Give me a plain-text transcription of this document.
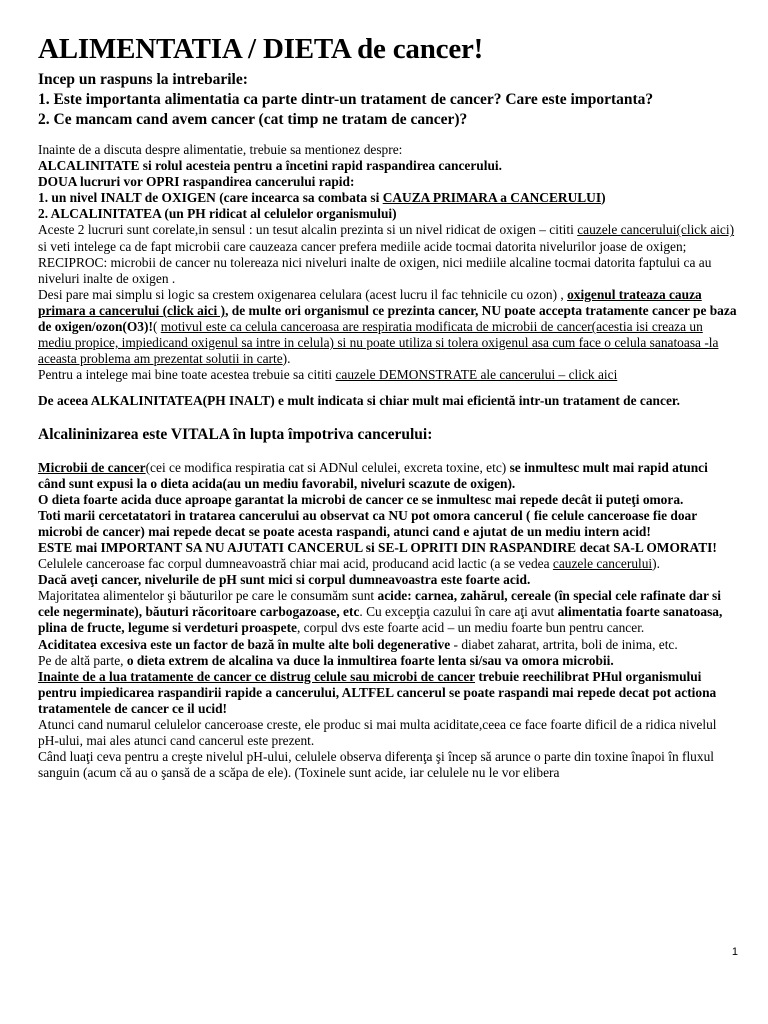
ALIMENTATIA / DIETA de cancer!

Incep un raspuns la intrebarile:

1. Este importanta alimentatia ca parte dintr-un tratament de cancer? Care este importanta?

2. Ce mancam cand avem cancer (cat timp ne tratam de cancer)?

Inainte de a discuta despre alimentatie, trebuie sa mentionez despre:

ALCALINITATE si rolul acesteia pentru a încetini rapid raspandirea cancerului.

DOUA lucruri vor OPRI raspandirea cancerului rapid:

1. un nivel INALT de OXIGEN (care incearca sa combata si CAUZA PRIMARA a CANCERULUI)

2. ALCALINITATEA (un PH ridicat al celulelor organismului)

Aceste 2 lucruri sunt corelate,in sensul : un tesut alcalin prezinta si un nivel ridicat de oxigen – cititi cauzele cancerului(click aici) si veti intelege ca de fapt microbii care cauzeaza cancer prefera mediile acide tocmai datorita nivelurilor joase de oxigen; RECIPROC: microbii de cancer nu tolereaza nici niveluri inalte de oxigen, nici mediile alcaline tocmai datorita faptului ca au niveluri inalte de oxigen .

Desi pare mai simplu si logic sa crestem oxigenarea celulara (acest lucru il fac tehnicile cu ozon) , oxigenul trateaza cauza primara a cancerului (click aici ), de multe ori organismul ce prezinta cancer, NU poate accepta tratamente cancer pe baza de oxigen/ozon(O3)!( motivul este ca celula canceroasa are respiratia modificata de microbii de cancer(acestia isi creaza un mediu propice, impiedicand oxigenul sa intre in celula) si nu poate utiliza si tolera oxigenul asa cum face o celula sanatoasa -la aceasta problema am prezentat solutii in carte).

Pentru a intelege mai bine toate acestea trebuie sa cititi cauzele DEMONSTRATE ale cancerului – click aici

De aceea ALKALINITATEA(PH INALT) e mult indicata si chiar mult mai eficientă intr-un tratament de cancer.

Alcalininizarea este VITALA în lupta împotriva cancerului:

Microbii de cancer(cei ce modifica respiratia cat si ADNul celulei, excreta toxine, etc) se inmultesc mult mai rapid atunci când sunt expusi la o dieta acida(au un mediu favorabil, niveluri scazute de oxigen).

O dieta foarte acida duce aproape garantat la microbi de cancer ce se inmultesc mai repede decât ii puteţi omora.

Toti marii cercetatatori in tratarea cancerului au observat ca NU pot omora cancerul ( fie celule canceroase fie doar microbi de cancer) mai repede decat se poate acesta raspandi, atunci cand e ajutat de un mediu intern acid!

ESTE mai IMPORTANT SA NU AJUTATI CANCERUL si SE-L OPRITI DIN RASPANDIRE decat SA-L OMORATI!

Celulele canceroase fac corpul dumneavoastră chiar mai acid, producand acid lactic (a se vedea cauzele cancerului).

Dacă aveţi cancer, nivelurile de pH sunt mici si corpul dumneavoastra este foarte acid.

Majoritatea alimentelor şi băuturilor pe care le consumăm sunt acide: carnea, zahărul, cereale (în special cele rafinate dar si cele negerminate), băuturi răcoritoare carbogazoase, etc. Cu excepţia cazului în care aţi avut alimentatia foarte sanatoasa, plina de fructe, legume si verdeturi proaspete, corpul dvs este foarte acid – un mediu foarte bun pentru cancer.

Aciditatea excesiva este un factor de bază în multe alte boli degenerative - diabet zaharat, artrita, boli de inima, etc.

Pe de altă parte, o dieta extrem de alcalina va duce la inmultirea foarte lenta si/sau va omora microbii.

Inainte de a lua tratamente de cancer ce distrug celule sau microbi de cancer trebuie reechilibrat PHul organismului pentru impiedicarea raspandirii rapide a cancerului, ALTFEL cancerul se poate raspandi mai repede decat pot actiona tratamentele de cancer ce il ucid!

Atunci cand numarul celulelor canceroase creste, ele produc si mai multa aciditate,ceea ce face foarte dificil de a ridica nivelul pH-ului, mai ales atunci cand cancerul este prezent.

Când luaţi ceva pentru a creşte nivelul pH-ului, celulele observa diferenţa şi încep să arunce o parte din toxine înapoi în fluxul sanguin (acum că au o şansă de a scăpa de ele). (Toxinele sunt acide, iar celulele nu le vor elibera

1
